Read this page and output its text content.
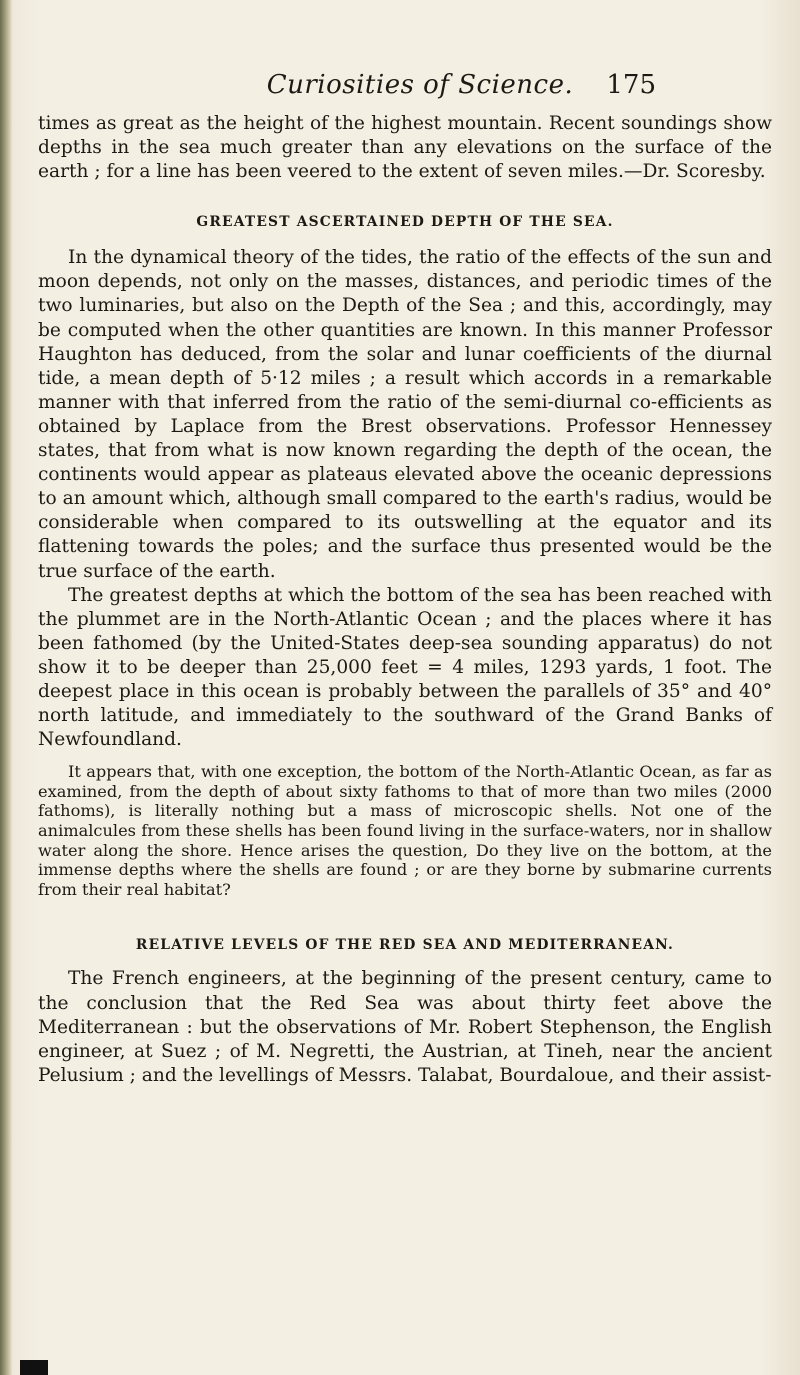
Curiosities of Science.	175

times as great as the height of the highest mountain. Recent soundings show depths in the sea much greater than any elevations on the surface of the earth ; for a line has been veered to the extent of seven miles.—Dr. Scoresby.

GREATEST ASCERTAINED DEPTH OF THE SEA.

In the dynamical theory of the tides, the ratio of the effects of the sun and moon depends, not only on the masses, distances, and periodic times of the two luminaries, but also on the Depth of the Sea ; and this, accordingly, may be computed when the other quantities are known. In this manner Professor Haughton has deduced, from the solar and lunar coefficients of the diurnal tide, a mean depth of 5·12 miles ; a result which accords in a remarkable manner with that inferred from the ratio of the semi-diurnal co-efficients as obtained by Laplace from the Brest observations. Professor Hennessey states, that from what is now known regarding the depth of the ocean, the continents would appear as plateaus elevated above the oceanic depressions to an amount which, although small compared to the earth's radius, would be considerable when compared to its outswelling at the equator and its flattening towards the poles; and the surface thus presented would be the true surface of the earth.

The greatest depths at which the bottom of the sea has been reached with the plummet are in the North-Atlantic Ocean ; and the places where it has been fathomed (by the United-States deep-sea sounding apparatus) do not show it to be deeper than 25,000 feet = 4 miles, 1293 yards, 1 foot. The deepest place in this ocean is probably between the parallels of 35° and 40° north latitude, and immediately to the southward of the Grand Banks of Newfoundland.

It appears that, with one exception, the bottom of the North-Atlantic Ocean, as far as examined, from the depth of about sixty fathoms to that of more than two miles (2000 fathoms), is literally nothing but a mass of microscopic shells. Not one of the animalcules from these shells has been found living in the surface-waters, nor in shallow water along the shore. Hence arises the question, Do they live on the bottom, at the immense depths where the shells are found ; or are they borne by submarine currents from their real habitat?

RELATIVE LEVELS OF THE RED SEA AND MEDITERRANEAN.

The French engineers, at the beginning of the present century, came to the conclusion that the Red Sea was about thirty feet above the Mediterranean : but the observations of Mr. Robert Stephenson, the English engineer, at Suez ; of M. Negretti, the Austrian, at Tineh, near the ancient Pelusium ; and the levellings of Messrs. Talabat, Bourdaloue, and their assist-
